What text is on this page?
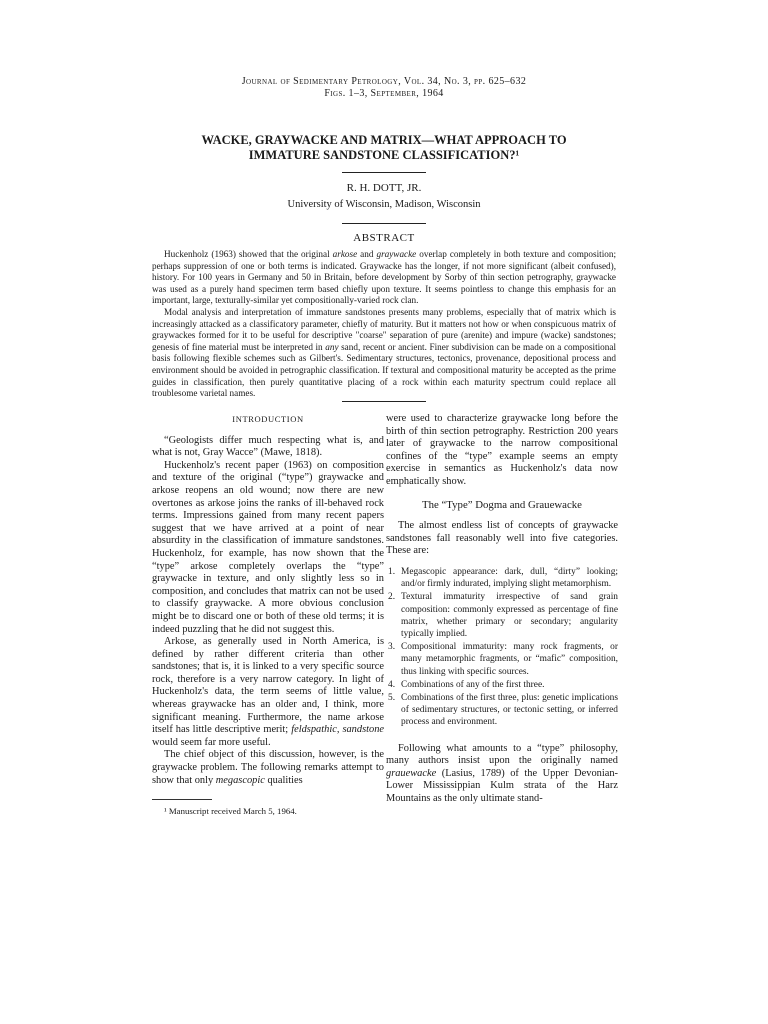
Journal of Sedimentary Petrology, Vol. 34, No. 3, pp. 625–632
Figs. 1–3, September, 1964
WACKE, GRAYWACKE AND MATRIX—WHAT APPROACH TO
IMMATURE SANDSTONE CLASSIFICATION?¹
R. H. DOTT, JR.
University of Wisconsin, Madison, Wisconsin
ABSTRACT

Huckenholz (1963) showed that the original arkose and graywacke overlap completely in both texture and composition; perhaps suppression of one or both terms is indicated. Graywacke has the longer, if not more significant (albeit confused), history. For 100 years in Germany and 50 in Britain, before development by Sorby of thin section petrography, graywacke was used as a purely hand specimen term based chiefly upon texture. It seems pointless to change this emphasis for an important, large, texturally-similar yet compositionally-varied rock clan.

Modal analysis and interpretation of immature sandstones presents many problems, especially that of matrix which is increasingly attacked as a classificatory parameter, chiefly of maturity. But it matters not how or when conspicuous matrix of graywackes formed for it to be useful for descriptive "coarse" separation of pure (arenite) and impure (wacke) sandstones; genesis of fine material must be interpreted in any sand, recent or ancient. Finer subdivision can be made on a compositional basis following flexible schemes such as Gilbert's. Sedimentary structures, tectonics, provenance, depositional process and environment should be avoided in petrographic classification. If textural and compositional maturity be accepted as the prime guides in classification, then purely quantitative placing of a rock within each maturity spectrum could replace all troublesome varietal names.

INTRODUCTION

“Geologists differ much respecting what is, and what is not, Gray Wacce” (Mawe, 1818).

Huckenholz's recent paper (1963) on composition and texture of the original (“type”) graywacke and arkose reopens an old wound; now there are new overtones as arkose joins the ranks of ill-behaved rock terms. Impressions gained from many recent papers suggest that we have arrived at a point of near absurdity in the classification of immature sandstones. Huckenholz, for example, has now shown that the “type” arkose completely overlaps the “type” graywacke in texture, and only slightly less so in composition, and concludes that matrix can not be used to classify graywacke. A more obvious conclusion might be to discard one or both of these old terms; it is indeed puzzling that he did not suggest this.

Arkose, as generally used in North America, is defined by rather different criteria than other sandstones; that is, it is linked to a very specific source rock, therefore is a very narrow category. In light of Huckenholz's data, the term seems of little value, whereas graywacke has an older and, I think, more significant meaning. Furthermore, the name arkose itself has little descriptive merit; feldspathic, sandstone would seem far more useful.

The chief object of this discussion, however, is the graywacke problem. The following remarks attempt to show that only megascopic qualities

¹ Manuscript received March 5, 1964.

were used to characterize graywacke long before the birth of thin section petrography. Restriction 200 years later of graywacke to the narrow compositional confines of the “type” example seems an empty exercise in semantics as Huckenholz's data now emphatically show.

The “Type” Dogma and Grauewacke

The almost endless list of concepts of graywacke sandstones fall reasonably well into five categories. These are:

1. Megascopic appearance: dark, dull, “dirty” looking; and/or firmly indurated, implying slight metamorphism.
2. Textural immaturity irrespective of sand grain composition: commonly expressed as percentage of fine matrix, whether primary or secondary; angularity typically implied.
3. Compositional immaturity: many rock fragments, or many metamorphic fragments, or “mafic” composition, thus linking with specific sources.
4. Combinations of any of the first three.
5. Combinations of the first three, plus: genetic implications of sedimentary structures, or tectonic setting, or inferred process and environment.

Following what amounts to a “type” philosophy, many authors insist upon the originally named grauewacke (Lasius, 1789) of the Upper Devonian-Lower Mississippian Kulm strata of the Harz Mountains as the only ultimate stand-
